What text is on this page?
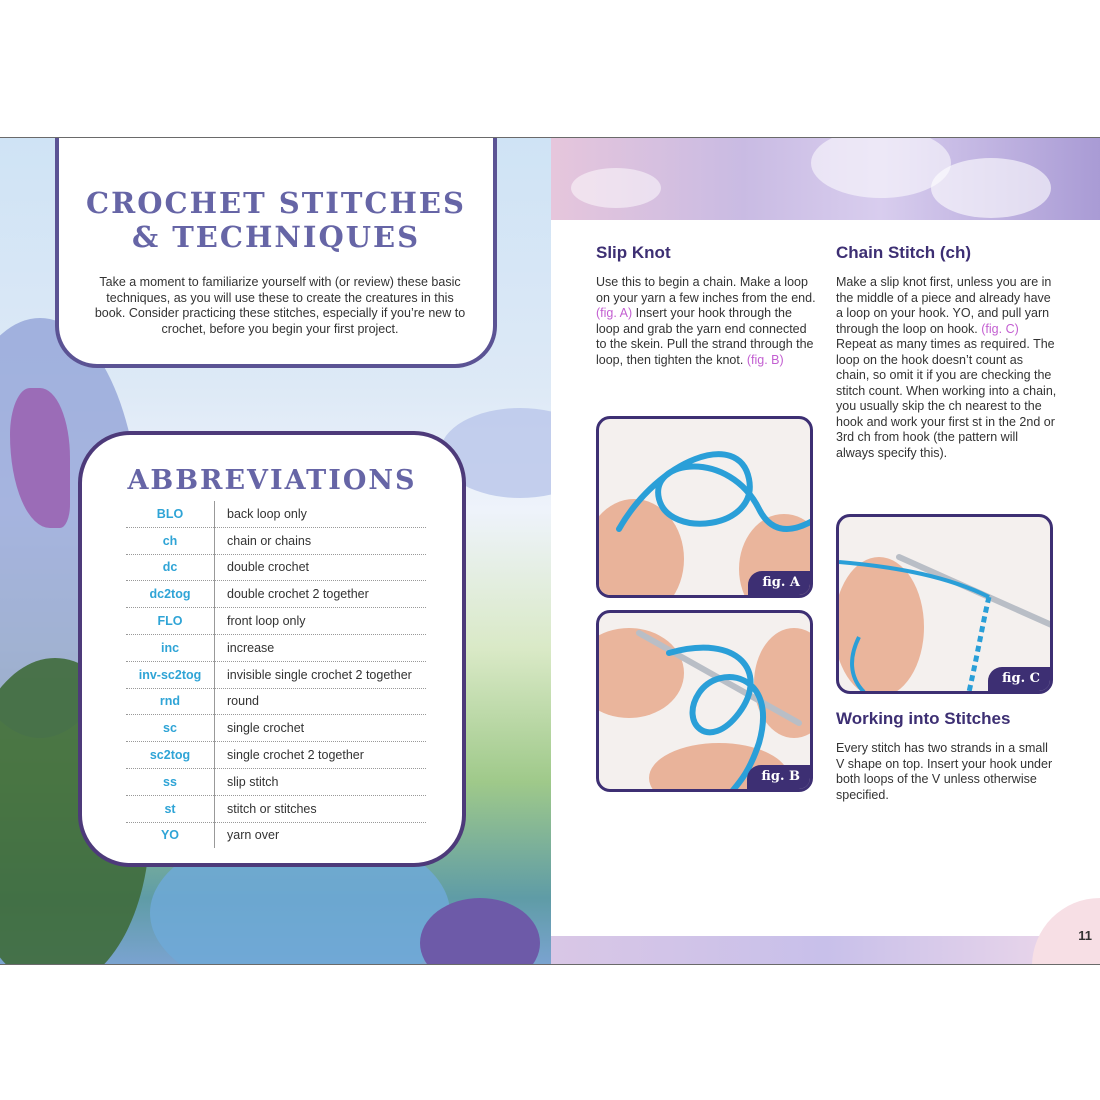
CROCHET STITCHES
& TECHNIQUES

Take a moment to familiarize yourself with (or review) these basic techniques, as you will use these to create the creatures in this book. Consider practicing these stitches, especially if you’re new to crochet, before you begin your first project.

ABBREVIATIONS
BLO	back loop only
ch	chain or chains
dc	double crochet
dc2tog	double crochet 2 together
FLO	front loop only
inc	increase
inv-sc2tog	invisible single crochet 2 together
rnd	round
sc	single crochet
sc2tog	single crochet 2 together
ss	slip stitch
st	stitch or stitches
YO	yarn over
11
Slip Knot

Use this to begin a chain. Make a loop on your yarn a few inches from the end. (fig. A) Insert your hook through the loop and grab the yarn end connected to the skein. Pull the strand through the loop, then tighten the knot. (fig. B)

Chain Stitch (ch)

Make a slip knot first, unless you are in the middle of a piece and already have a loop on your hook. YO, and pull yarn through the loop on hook. (fig. C) Repeat as many times as required. The loop on the hook doesn’t count as chain, so omit it if you are checking the stitch count. When working into a chain, you usually skip the ch nearest to the hook and work your first st in the 2nd or 3rd ch from hook (the pattern will always specify this).

fig. A
fig. B
fig. C
Working into Stitches

Every stitch has two strands in a small V shape on top. Insert your hook under both loops of the V unless otherwise specified.
